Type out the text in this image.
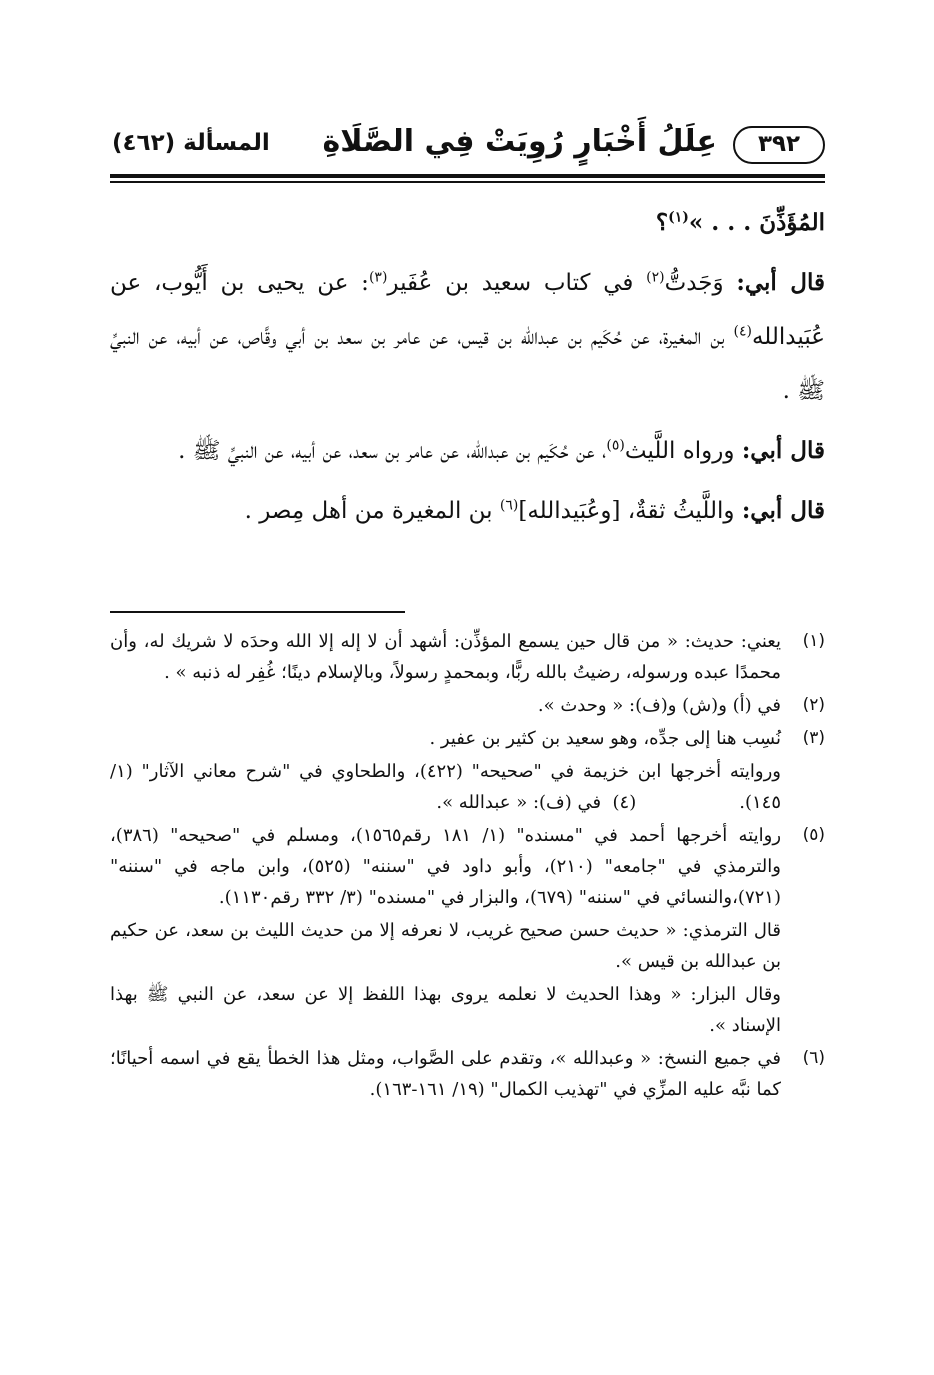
٣٩٢
عِلَلُ أَخْبَارٍ رُوِيَتْ فِي الصَّلَاةِ
المسألة (٤٦٢)

المُؤَذِّنَ . . . »$^{(١)}$؟

قال أبي: وَجَدتُّ$^{(٢)}$ في كتاب سعيد بن عُفَير$^{(٣)}$: عن يحيى بن أَيُّوب، عن عُبَيدالله$^{(٤)}$ بن المغيرة، عن حُكَيم بن عبدالله بن قيس، عن عامر بن سعد بن أبي وقَّاص، عن أبيه، عن النبيِّ ﷺ .

قال أبي: ورواه اللَّيث$^{(٥)}$، عن حُكَيم بن عبدالله، عن عامر بن سعد، عن أبيه، عن النبيِّ ﷺ .

قال أبي: واللَّيثُ ثقةٌ، [وعُبَيدالله]$^{(٦)}$ بن المغيرة من أهل مِصر .

(١)
يعني: حديث: « من قال حين يسمع المؤذِّن: أشهد أن لا إله إلا الله وحدَه لا شريك له، وأن محمدًا عبده ورسوله، رضيتُ بالله ربًّا، وبمحمدٍ رسولاً، وبالإسلام دينًا؛ غُفِر له ذنبه » .
(٢)
في (أ) و(ش) و(ف): « وحدث ».
(٣)
نُسِب هنا إلى جدِّه، وهو سعيد بن كثير بن عفير .
وروايته أخرجها ابن خزيمة في "صحيحه" (٤٢٢)، والطحاوي في "شرح معاني الآثار" (١/ ١٤٥).                  (٤)  في (ف): « عبدالله ».
(٥)
روايته أخرجها أحمد في "مسنده" (١/ ١٨١ رقم١٥٦٥)، ومسلم في "صحيحه" (٣٨٦)، والترمذي في "جامعه" (٢١٠)، وأبو داود في "سننه" (٥٢٥)، وابن ماجه في "سننه" (٧٢١)،والنسائي في "سننه" (٦٧٩)، والبزار في "مسنده" (٣/ ٣٣٢ رقم١١٣٠).
قال الترمذي: « حديث حسن صحيح غريب، لا نعرفه إلا من حديث الليث بن سعد، عن حكيم بن عبدالله بن قيس ».
وقال البزار: « وهذا الحديث لا نعلمه يروى بهذا اللفظ إلا عن سعد، عن النبي ﷺ بهذا الإسناد ».
(٦)
في جميع النسخ: « وعبدالله »، وتقدم على الصَّواب، ومثل هذا الخطأ يقع في اسمه أحيانًا؛ كما نبَّه عليه المزِّي في "تهذيب الكمال" (١٩/ ١٦١-١٦٣).
